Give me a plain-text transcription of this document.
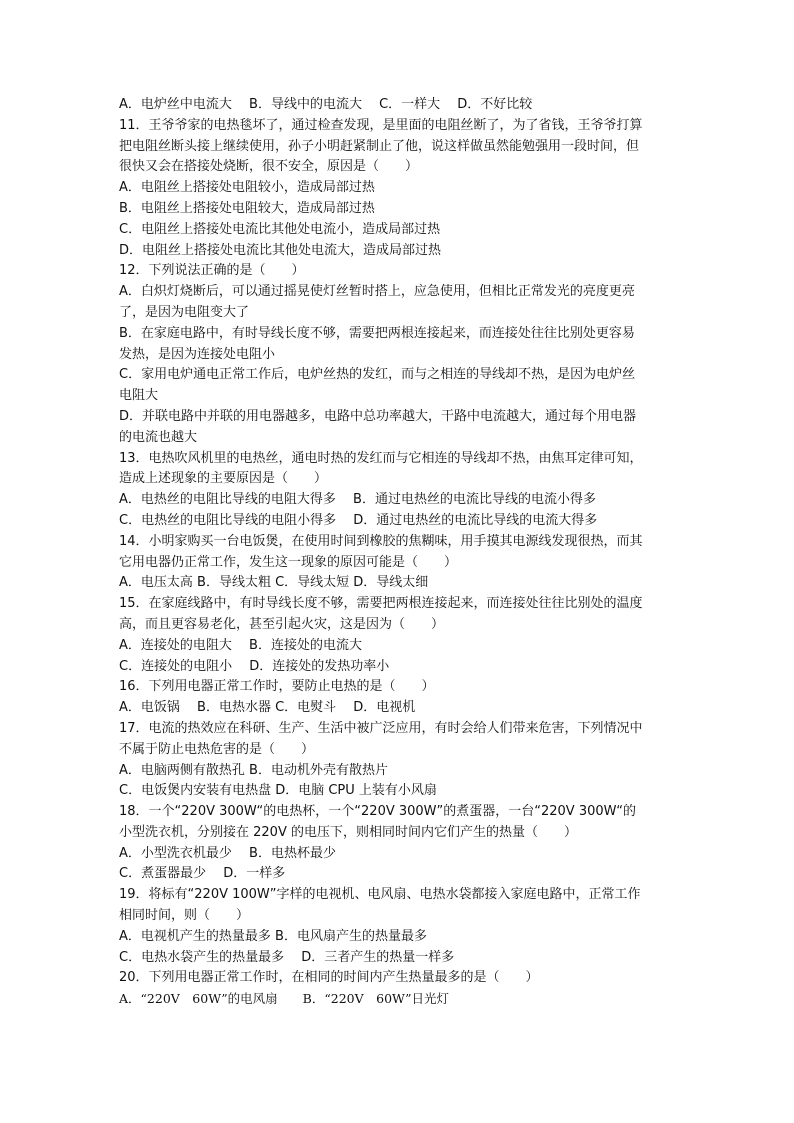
A．电炉丝中电流大　 B．导线中的电流大　 C．一样大　 D．不好比较
11．王爷爷家的电热毯坏了，通过检查发现，是里面的电阻丝断了，为了省钱，王爷爷打算
把电阻丝断头接上继续使用，孙子小明赶紧制止了他，说这样做虽然能勉强用一段时间，但
很快又会在搭接处烧断，很不安全，原因是（　　）
A．电阻丝上搭接处电阻较小，造成局部过热
B．电阻丝上搭接处电阻较大，造成局部过热
C．电阻丝上搭接处电流比其他处电流小，造成局部过热
D．电阻丝上搭接处电流比其他处电流大，造成局部过热
12．下列说法正确的是（　　）
A．白炽灯烧断后，可以通过摇晃使灯丝暂时搭上，应急使用，但相比正常发光的亮度更亮
了，是因为电阻变大了
B．在家庭电路中，有时导线长度不够，需要把两根连接起来，而连接处往往比别处更容易
发热，是因为连接处电阻小
C．家用电炉通电正常工作后，电炉丝热的发红，而与之相连的导线却不热，是因为电炉丝
电阻大
D．并联电路中并联的用电器越多，电路中总功率越大，干路中电流越大，通过每个用电器
的电流也越大
13．电热吹风机里的电热丝，通电时热的发红而与它相连的导线却不热，由焦耳定律可知，
造成上述现象的主要原因是（　　）
A．电热丝的电阻比导线的电阻大得多　 B．通过电热丝的电流比导线的电流小得多
C．电热丝的电阻比导线的电阻小得多　 D．通过电热丝的电流比导线的电流大得多
14．小明家购买一台电饭煲，在使用时间到橡胶的焦糊味，用手摸其电源线发现很热，而其
它用电器仍正常工作，发生这一现象的原因可能是（　　）
A．电压太高 B．导线太粗 C．导线太短 D．导线太细
15．在家庭线路中，有时导线长度不够，需要把两根连接起来，而连接处往往比别处的温度
高，而且更容易老化，甚至引起火灾，这是因为（　　）
A．连接处的电阻大　 B．连接处的电流大
C．连接处的电阻小　 D．连接处的发热功率小
16．下列用电器正常工作时，要防止电热的是（　　）
A．电饭锅　 B．电热水器 C．电熨斗　 D．电视机
17．电流的热效应在科研、生产、生活中被广泛应用，有时会给人们带来危害，下列情况中
不属于防止电热危害的是（　　）
A．电脑两侧有散热孔 B．电动机外壳有散热片
C．电饭煲内安装有电热盘 D．电脑 CPU 上装有小风扇
18．一个“220V 300W“的电热杯，一个“220V 300W”的煮蛋器，一台“220V 300W“的
小型洗衣机，分别接在 220V 的电压下，则相同时间内它们产生的热量（　　）
A．小型洗衣机最少　 B．电热杯最少
C．煮蛋器最少　 D．一样多
19．将标有“220V 100W”字样的电视机、电风扇、电热水袋都接入家庭电路中，正常工作
相同时间，则（　　）
A．电视机产生的热量最多 B．电风扇产生的热量最多
C．电热水袋产生的热量最多　 D．三者产生的热量一样多
20．下列用电器正常工作时，在相同的时间内产生热量最多的是（　　）
A．“220V　60W”的电风扇　　B．“220V　60W”日光灯
